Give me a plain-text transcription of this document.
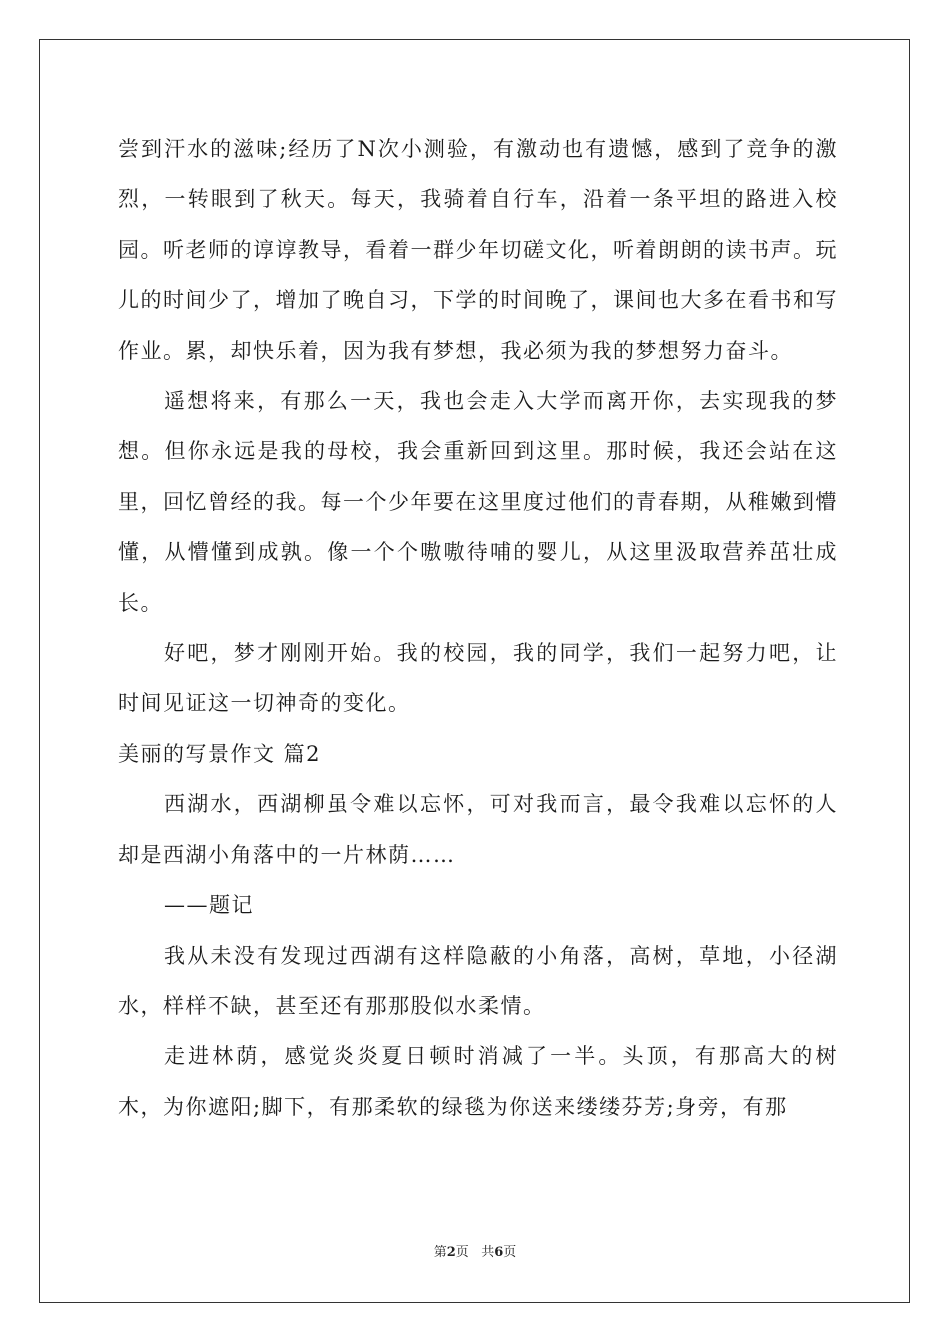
尝到汗水的滋味;经历了N次小测验，有激动也有遗憾，感到了竞争的激烈，一转眼到了秋天。每天，我骑着自行车，沿着一条平坦的路进入校园。听老师的谆谆教导，看着一群少年切磋文化，听着朗朗的读书声。玩儿的时间少了，增加了晚自习，下学的时间晚了，课间也大多在看书和写作业。累，却快乐着，因为我有梦想，我必须为我的梦想努力奋斗。

遥想将来，有那么一天，我也会走入大学而离开你，去实现我的梦想。但你永远是我的母校，我会重新回到这里。那时候，我还会站在这里，回忆曾经的我。每一个少年要在这里度过他们的青春期，从稚嫩到懵懂，从懵懂到成孰。像一个个嗷嗷待哺的婴儿，从这里汲取营养茁壮成长。

好吧，梦才刚刚开始。我的校园，我的同学，我们一起努力吧，让时间见证这一切神奇的变化。

美丽的写景作文 篇2

西湖水，西湖柳虽令难以忘怀，可对我而言，最令我难以忘怀的人却是西湖小角落中的一片林荫……

——题记

我从未没有发现过西湖有这样隐蔽的小角落，高树，草地，小径湖水，样样不缺，甚至还有那那股似水柔情。

走进林荫，感觉炎炎夏日顿时消减了一半。头顶，有那高大的树木，为你遮阳;脚下，有那柔软的绿毯为你送来缕缕芬芳;身旁，有那

第2页 共6页
